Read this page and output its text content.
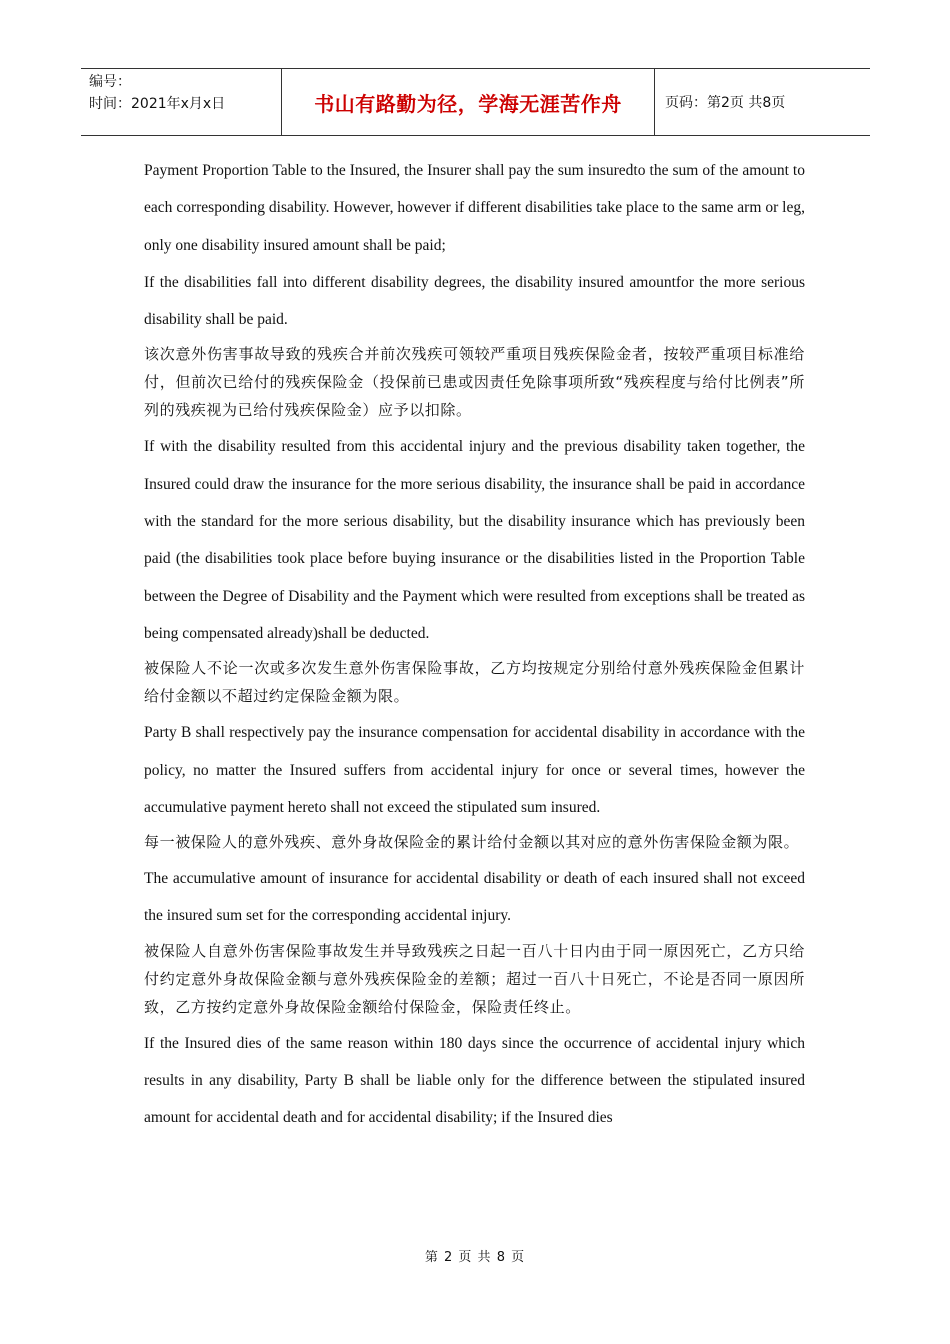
编号：
时间：2021年x月x日	书山有路勤为径，学海无涯苦作舟	页码：第2页 共8页

Payment Proportion Table to the Insured, the Insurer shall pay the sum insuredto the sum of the amount to each corresponding disability. However, however if different disabilities take place to the same arm or leg, only one disability insured amount shall be paid;

If the disabilities fall into different disability degrees, the disability insured amountfor the more serious disability shall be paid.

该次意外伤害事故导致的残疾合并前次残疾可领较严重项目残疾保险金者，按较严重项目标准给付，但前次已给付的残疾保险金（投保前已患或因责任免除事项所致“残疾程度与给付比例表”所列的残疾视为已给付残疾保险金）应予以扣除。

If with the disability resulted from this accidental injury and the previous disability taken together, the Insured could draw the insurance for the more serious disability, the insurance shall be paid in accordance with the standard for the more serious disability, but the disability insurance which has previously been paid (the disabilities took place before buying insurance or the disabilities listed in the Proportion Table between the Degree of Disability and the Payment which were resulted from exceptions shall be treated as being compensated already)shall be deducted.

被保险人不论一次或多次发生意外伤害保险事故，乙方均按规定分别给付意外残疾保险金但累计给付金额以不超过约定保险金额为限。

Party B shall respectively pay the insurance compensation for accidental disability in accordance with the policy, no matter the Insured suffers from accidental injury for once or several times, however the accumulative payment hereto shall not exceed the stipulated sum insured.

每一被保险人的意外残疾、意外身故保险金的累计给付金额以其对应的意外伤害保险金额为限。

The accumulative amount of insurance for accidental disability or death of each insured shall not exceed the insured sum set for the corresponding accidental injury.

被保险人自意外伤害保险事故发生并导致残疾之日起一百八十日内由于同一原因死亡，乙方只给付约定意外身故保险金额与意外残疾保险金的差额；超过一百八十日死亡，不论是否同一原因所致，乙方按约定意外身故保险金额给付保险金，保险责任终止。

If the Insured dies of the same reason within 180 days since the occurrence of accidental injury which results in any disability, Party B shall be liable only for the difference between the stipulated insured amount for accidental death and for accidental disability; if the Insured dies

第 2 页 共 8 页
